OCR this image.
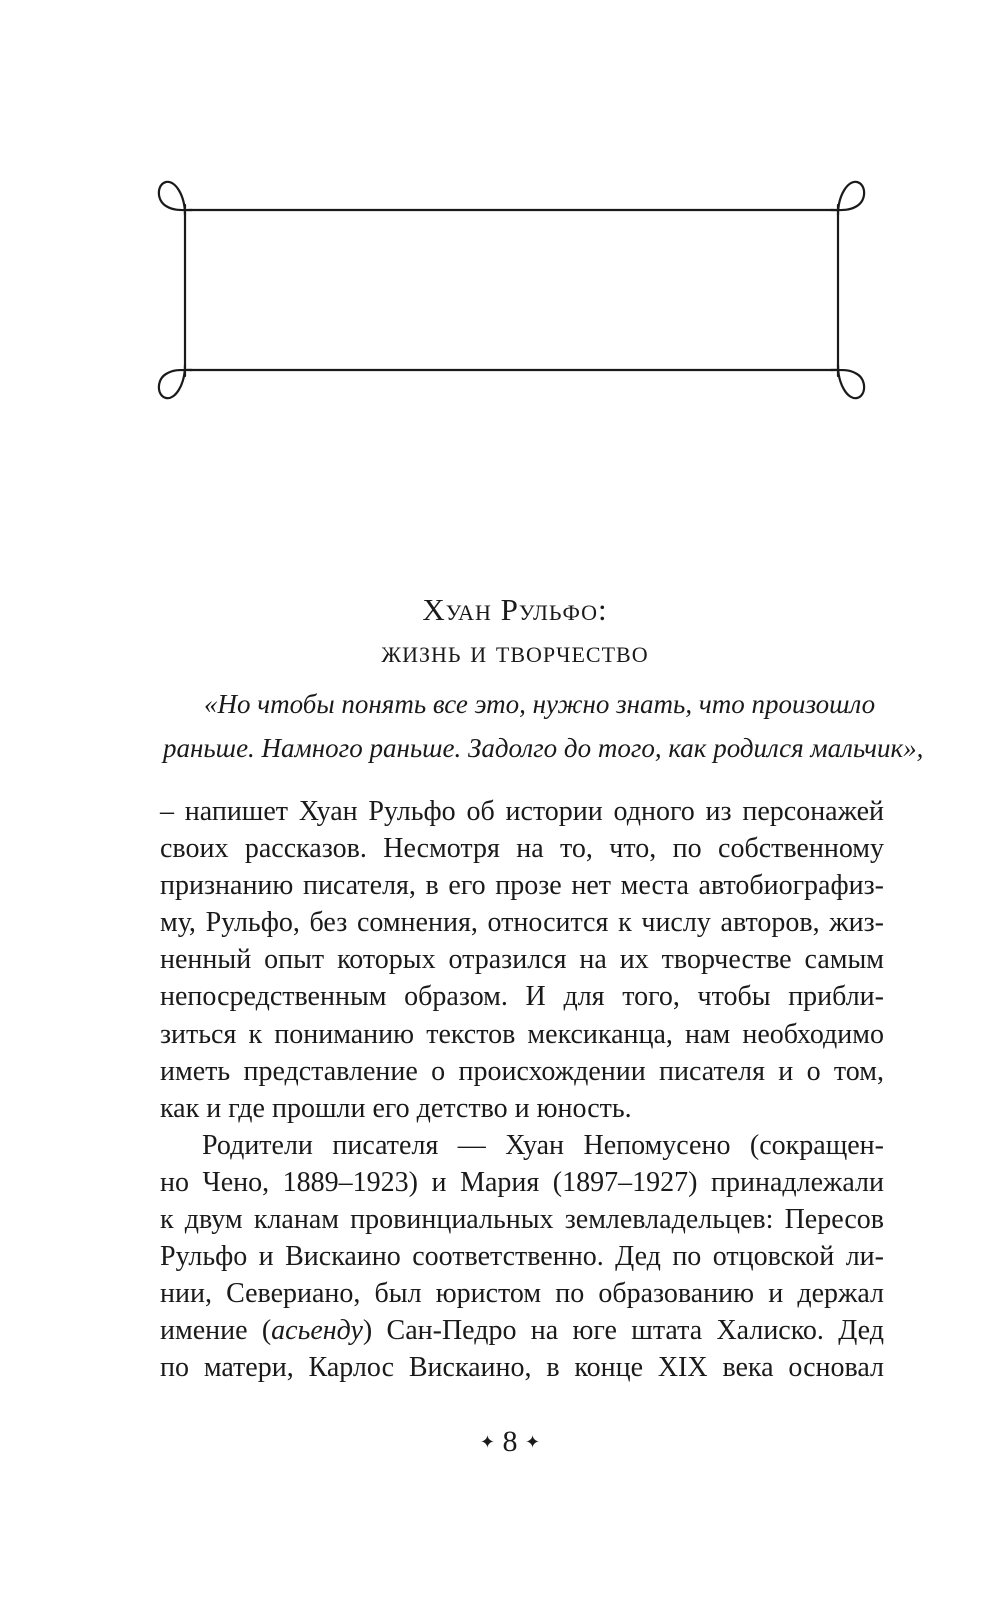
Хуан Рульфо:
жизнь и творчество
«Но чтобы понять все это, нужно знать, что произошло
раньше. Намного раньше. Задолго до того, как родился мальчик»,
– напишет Хуан Рульфо об истории одного из персонажей
своих рассказов. Несмотря на то, что, по собственному
признанию писателя, в его прозе нет места автобиографиз-
му, Рульфо, без сомнения, относится к числу авторов, жиз-
ненный опыт которых отразился на их творчестве самым
непосредственным образом. И для того, чтобы прибли-
зиться к пониманию текстов мексиканца, нам необходимо
иметь представление о происхождении писателя и о том,
как и где прошли его детство и юность.
Родители писателя — Хуан Непомусено (сокращен-
но Чено, 1889–1923) и Мария (1897–1927) принадлежали
к двум кланам провинциальных землевладельцев: Пересов
Рульфо и Вискаино соответственно. Дед по отцовской ли-
нии, Севериано, был юристом по образованию и держал
имение (асьенду) Сан-Педро на юге штата Халиско. Дед
по матери, Карлос Вискаино, в конце XIX века основал
✦ 8 ✦
